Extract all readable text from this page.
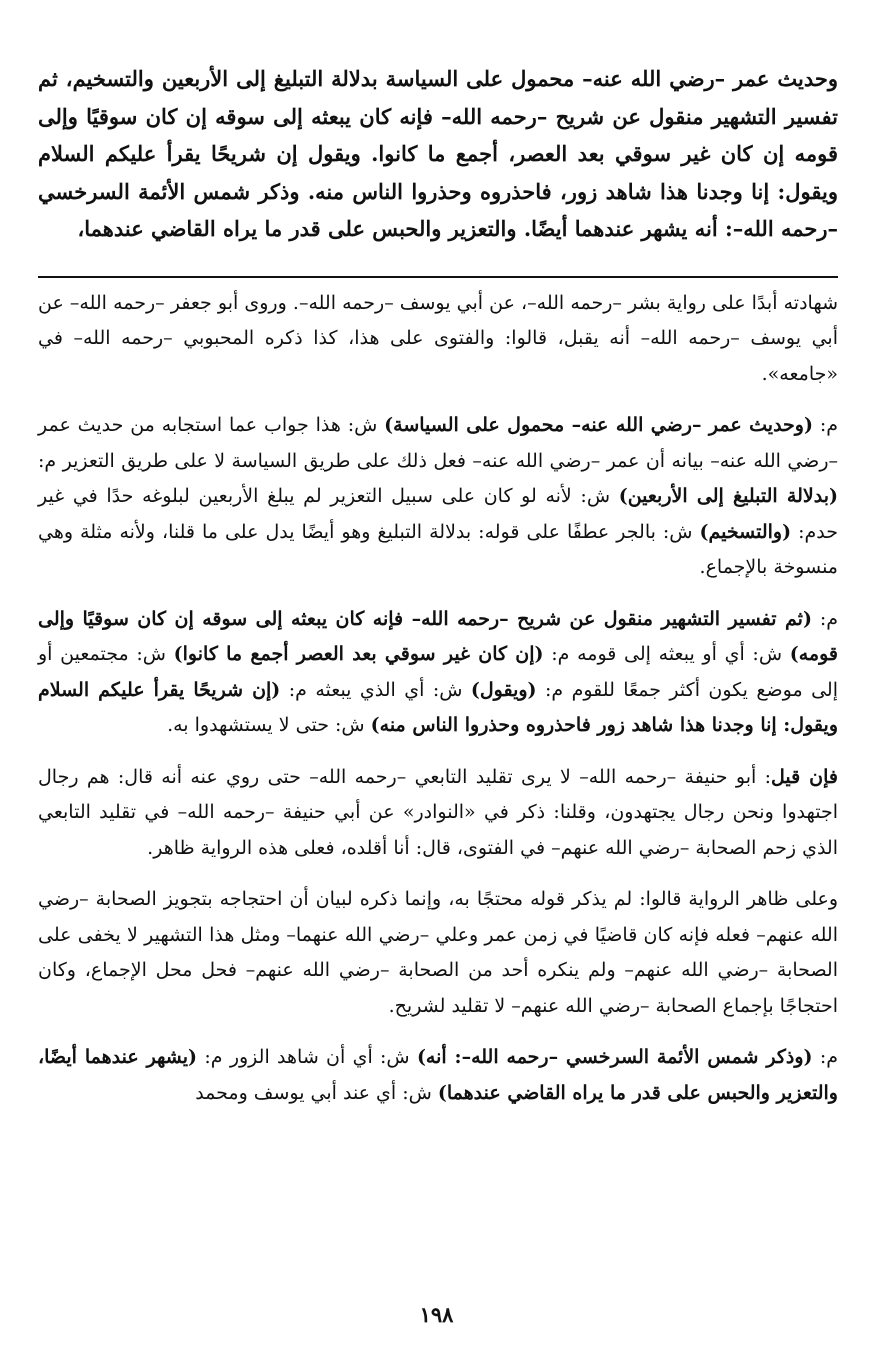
وحديث عمر –رضي الله عنه– محمول على السياسة بدلالة التبليغ إلى الأربعين والتسخيم، ثم تفسير التشهير منقول عن شريح –رحمه الله– فإنه كان يبعثه إلى سوقه إن كان سوقيًا وإلى قومه إن كان غير سوقي بعد العصر، أجمع ما كانوا. ويقول إن شريحًا يقرأ عليكم السلام ويقول: إنا وجدنا هذا شاهد زور، فاحذروه وحذروا الناس منه. وذكر شمس الأئمة السرخسي –رحمه الله–: أنه يشهر عندهما أيضًا. والتعزير والحبس على قدر ما يراه القاضي عندهما،

شهادته أبدًا على رواية بشر –رحمه الله–، عن أبي يوسف –رحمه الله–. وروى أبو جعفر –رحمه الله– عن أبي يوسف –رحمه الله– أنه يقبل، قالوا: والفتوى على هذا، كذا ذكره المحبوبي –رحمه الله– في «جامعه».

م: (وحديث عمر –رضي الله عنه– محمول على السياسة) ش: هذا جواب عما استجابه من حديث عمر –رضي الله عنه– بيانه أن عمر –رضي الله عنه– فعل ذلك على طريق السياسة لا على طريق التعزير م: (بدلالة التبليغ إلى الأربعين) ش: لأنه لو كان على سبيل التعزير لم يبلغ الأربعين لبلوغه حدًا في غير حدم: (والتسخيم) ش: بالجر عطفًا على قوله: بدلالة التبليغ وهو أيضًا يدل على ما قلنا، ولأنه مثلة وهي منسوخة بالإجماع.

م: (ثم تفسير التشهير منقول عن شريح –رحمه الله– فإنه كان يبعثه إلى سوقه إن كان سوقيًا وإلى قومه) ش: أي أو يبعثه إلى قومه م: (إن كان غير سوقي بعد العصر أجمع ما كانوا) ش: مجتمعين أو إلى موضع يكون أكثر جمعًا للقوم م: (ويقول) ش: أي الذي يبعثه م: (إن شريحًا يقرأ عليكم السلام ويقول: إنا وجدنا هذا شاهد زور فاحذروه وحذروا الناس منه) ش: حتى لا يستشهدوا به.

فإن قيل: أبو حنيفة –رحمه الله– لا يرى تقليد التابعي –رحمه الله– حتى روي عنه أنه قال: هم رجال اجتهدوا ونحن رجال يجتهدون، وقلنا: ذكر في «النوادر» عن أبي حنيفة –رحمه الله– في تقليد التابعي الذي زحم الصحابة –رضي الله عنهم– في الفتوى، قال: أنا أقلده، فعلى هذه الرواية ظاهر.

وعلى ظاهر الرواية قالوا: لم يذكر قوله محتجًا به، وإنما ذكره لبيان أن احتجاجه بتجويز الصحابة –رضي الله عنهم– فعله فإنه كان قاضيًا في زمن عمر وعلي –رضي الله عنهما– ومثل هذا التشهير لا يخفى على الصحابة –رضي الله عنهم– ولم ينكره أحد من الصحابة –رضي الله عنهم– فحل محل الإجماع، وكان احتجاجًا بإجماع الصحابة –رضي الله عنهم– لا تقليد لشريح.

م: (وذكر شمس الأئمة السرخسي –رحمه الله–: أنه) ش: أي أن شاهد الزور م: (يشهر عندهما أيضًا، والتعزير والحبس على قدر ما يراه القاضي عندهما) ش: أي عند أبي يوسف ومحمد

١٩٨
